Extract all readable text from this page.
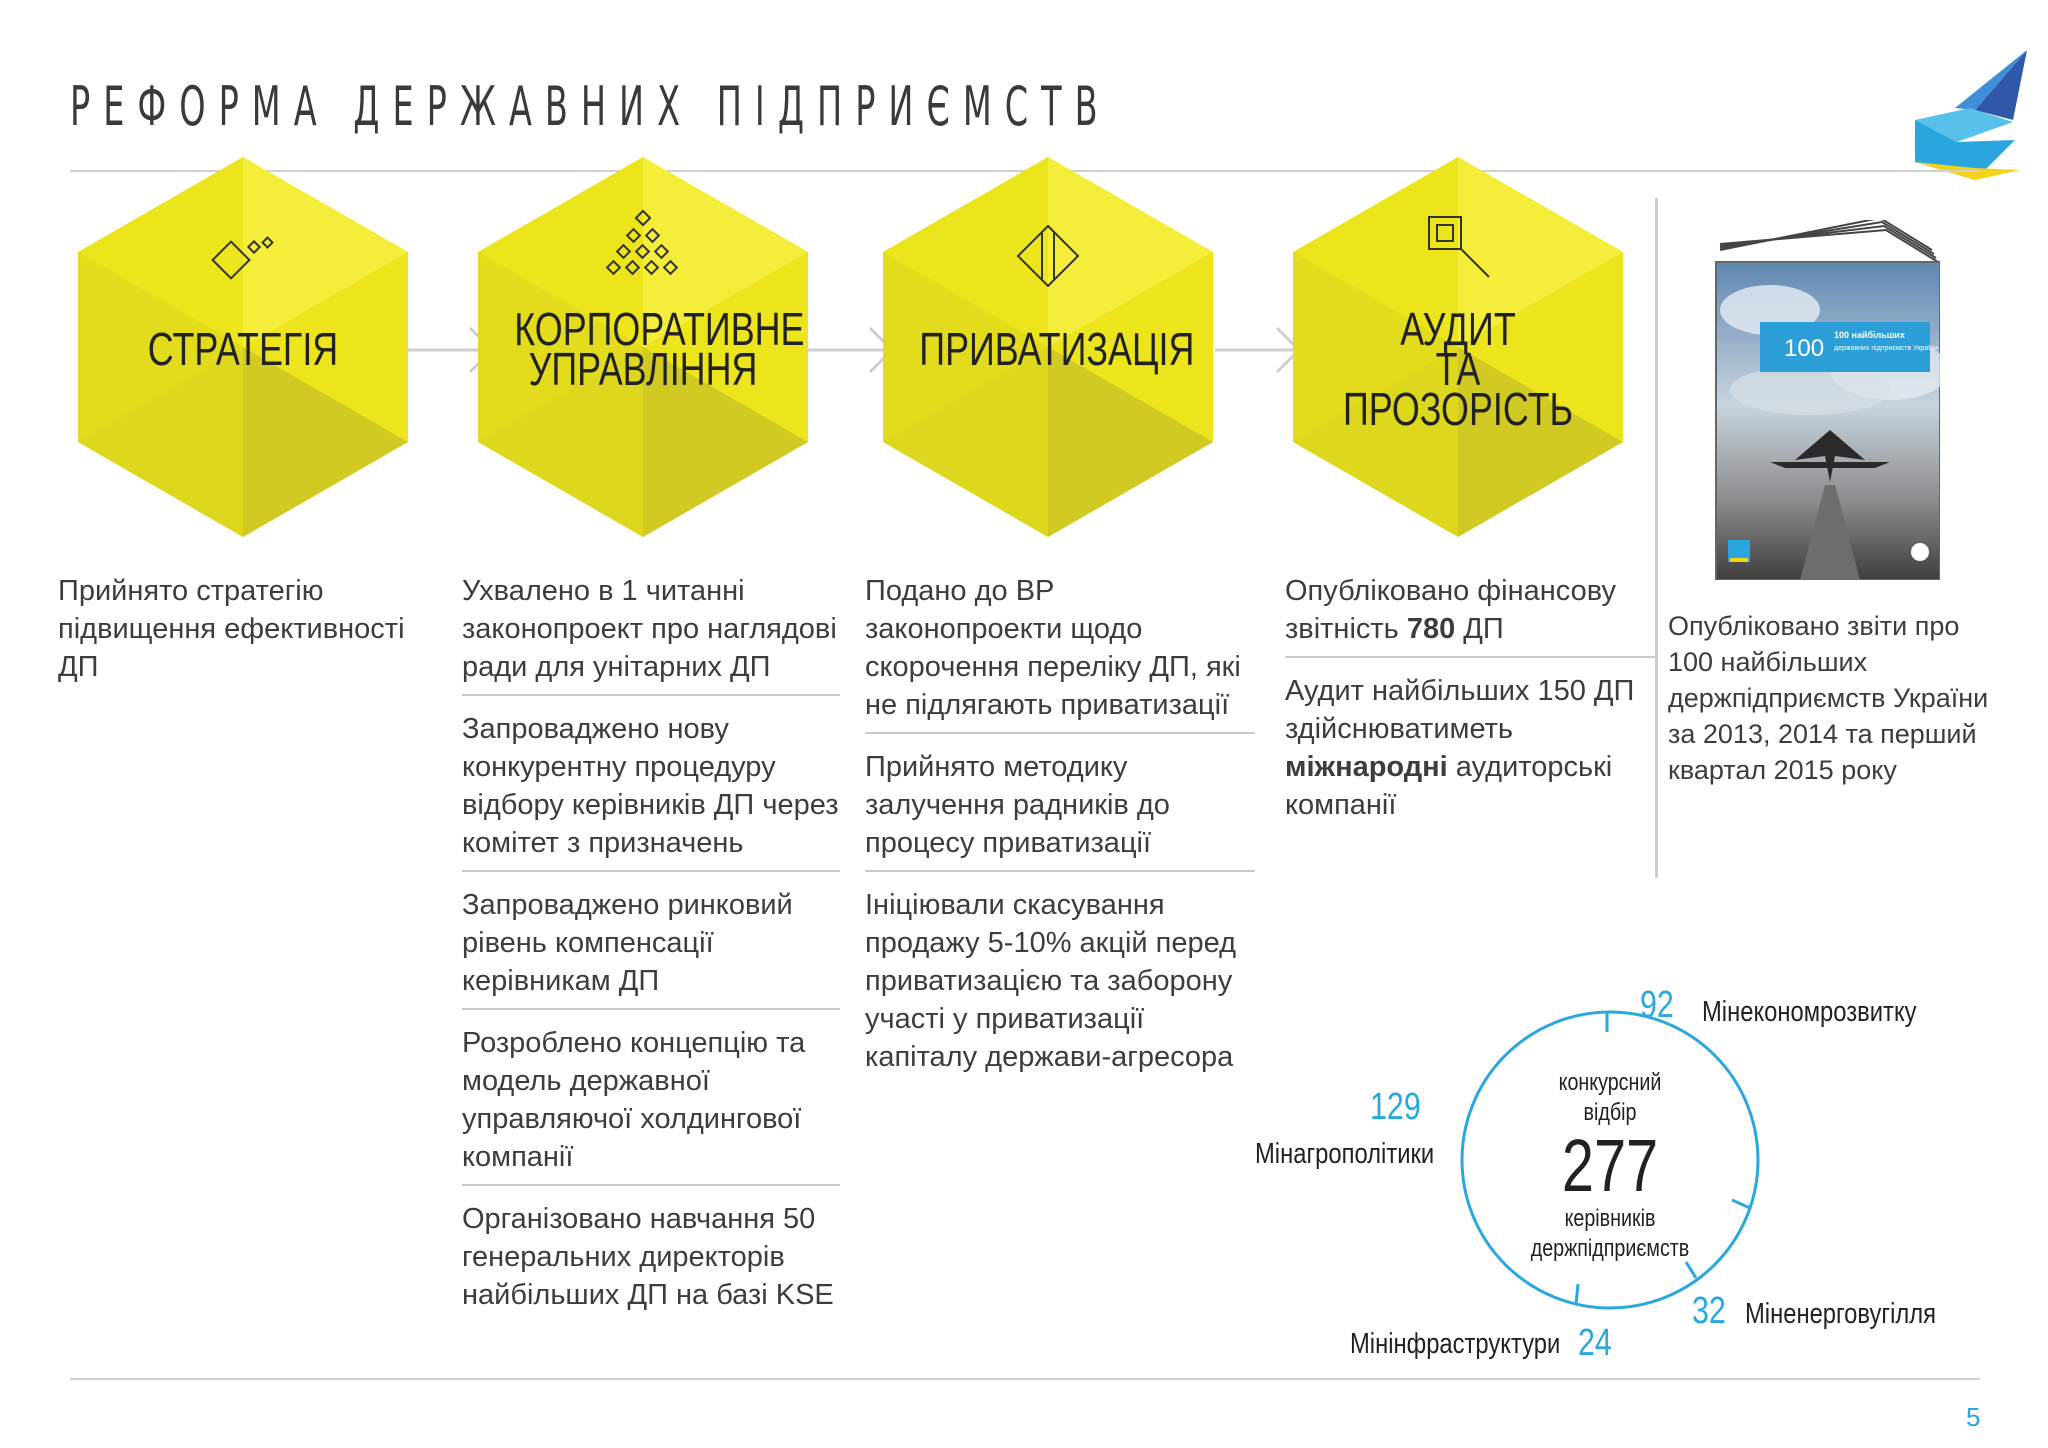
РЕФОРМА ДЕРЖАВНИХ ПІДПРИЄМСТВ
СТРАТЕГІЯ	КОРПОРАТИВНЕ
УПРАВЛІННЯ	ПРИВАТИЗАЦІЯ	АУДИТ
ТА ПРОЗОРІСТЬ
Прийнято стратегію підвищення ефективності ДП
Ухвалено в 1 читанні законопроект про наглядові ради для унітарних ДП
Запроваджено нову конкурентну процедуру відбору керівників ДП через комітет з призначень
Запроваджено ринковий рівень компенсації керівникам ДП
Розроблено концепцію та модель державної управляючої холдингової компанії
Організовано навчання 50 генеральних директорів найбільших ДП на базі KSE
Подано до ВР законопроекти щодо скорочення переліку ДП, які не підлягають приватизації
Прийнято методику залучення радників до процесу приватизації
Ініціювали скасування продажу 5-10% акцій перед приватизацією та заборону участі у приватизації капіталу держави-агресора
Опубліковано фінансову звітність 780 ДП
Аудит найбільших 150 ДП здійснюватиметь міжнародні аудиторські компанії
100 100 найбільших
державних підприємств України
Опубліковано звіти про 100 найбільших держпідприємств України за 2013, 2014 та перший квартал 2015 року
конкурсний
відбір
277
керівників
держпідприємств
92 Мінекономрозвитку
129
Мінагрополітики
32 Міненерговугілля
Мінінфраструктури 24
5
